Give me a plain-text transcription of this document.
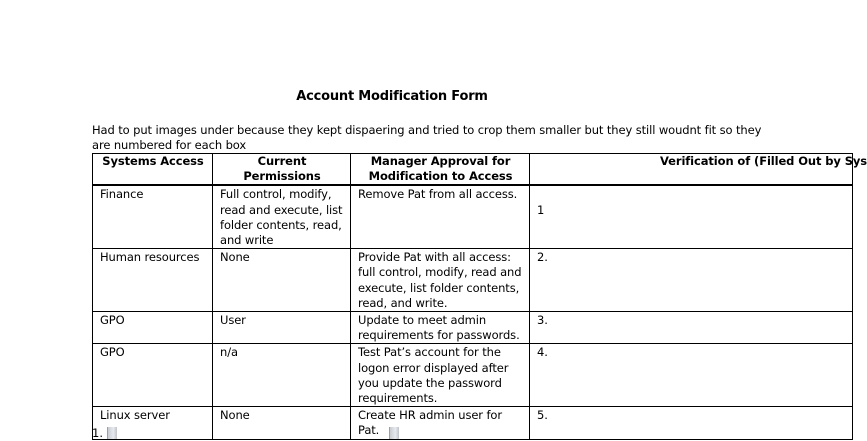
Account Modification Form
Had to put images under because they kept dispaering and tried to crop them smaller but they still woudnt fit so they are numbered for each box
Systems Access	Current Permissions	Manager Approval for Modification to Access	Verification of (Filled Out by Sys
Finance	Full control, modify, read and execute, list folder contents, read, and write	Remove Pat from all access.	1

Human resources	None	Provide Pat with all access: full control, modify, read and execute, list folder contents, read, and write.	2.
GPO	User	Update to meet admin requirements for passwords.	3.
GPO	n/a	Test Pat’s account for the logon error displayed after you update the password requirements.	4.
Linux server	None	Create HR admin user for Pat.	5.
1.
